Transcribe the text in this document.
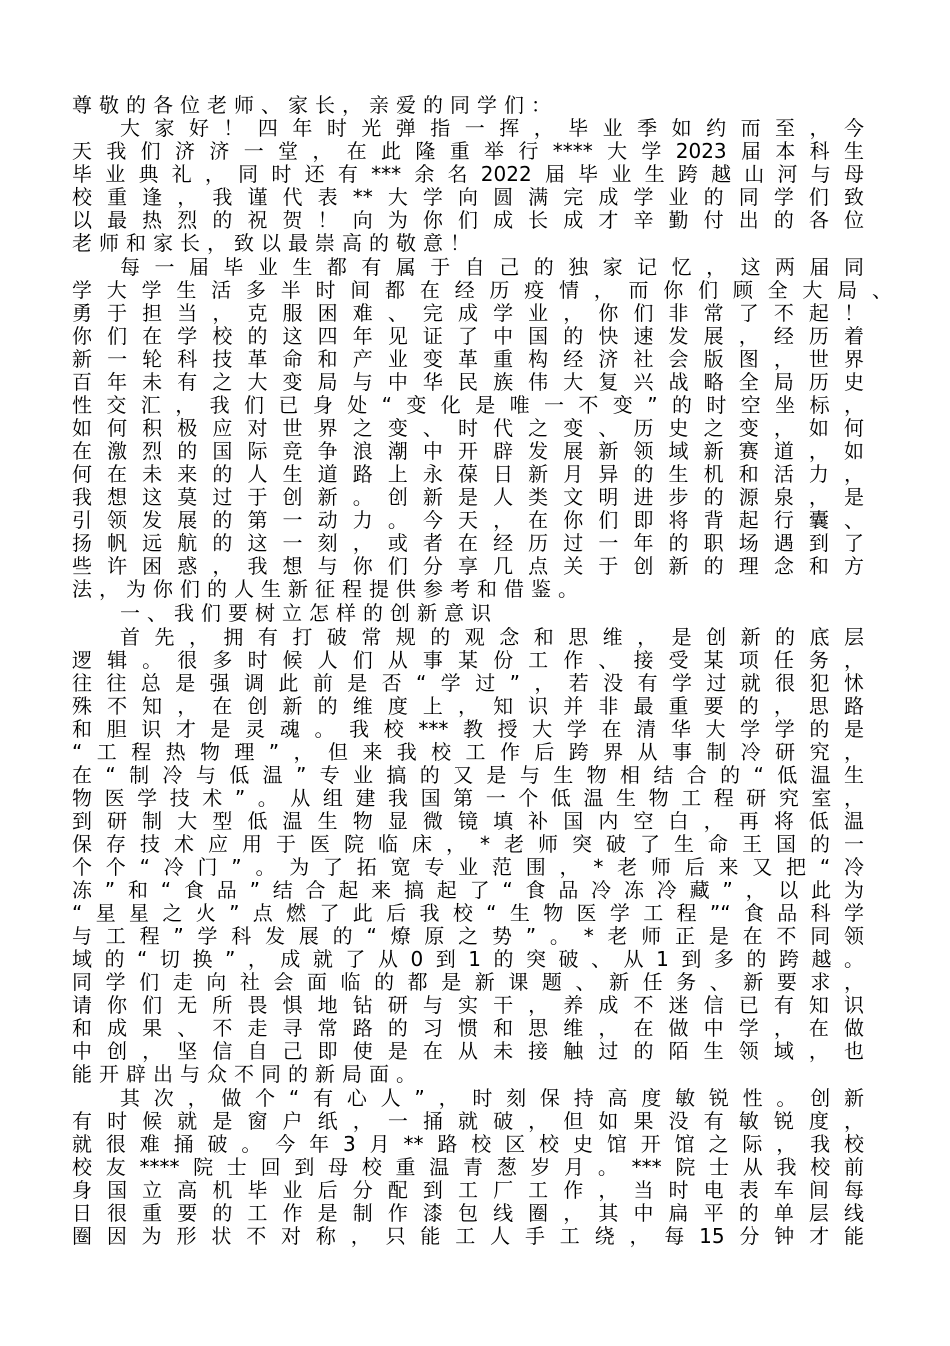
尊敬的各位老师、家长，亲爱的同学们：
大家好！四年时光弹指一挥，毕业季如约而至，今
天我们济济一堂，在此隆重举行****大学2023届本科生
毕业典礼，同时还有***余名2022届毕业生跨越山河与母
校重逢，我谨代表**大学向圆满完成学业的同学们致
以最热烈的祝贺！向为你们成长成才辛勤付出的各位
老师和家长，致以最崇高的敬意！
每一届毕业生都有属于自己的独家记忆，这两届同
学大学生活多半时间都在经历疫情，而你们顾全大局、
勇于担当，克服困难、完成学业，你们非常了不起！
你们在学校的这四年见证了中国的快速发展，经历着
新一轮科技革命和产业变革重构经济社会版图，世界
百年未有之大变局与中华民族伟大复兴战略全局历史
性交汇，我们已身处“变化是唯一不变”的时空坐标，
如何积极应对世界之变、时代之变、历史之变，如何
在激烈的国际竞争浪潮中开辟发展新领域新赛道，如
何在未来的人生道路上永葆日新月异的生机和活力，
我想这莫过于创新。创新是人类文明进步的源泉，是
引领发展的第一动力。今天，在你们即将背起行囊、
扬帆远航的这一刻，或者在经历过一年的职场遇到了
些许困惑，我想与你们分享几点关于创新的理念和方
法，为你们的人生新征程提供参考和借鉴。
一、我们要树立怎样的创新意识
首先，拥有打破常规的观念和思维，是创新的底层
逻辑。很多时候人们从事某份工作、接受某项任务，
往往总是强调此前是否“学过”，若没有学过就很犯怵
殊不知，在创新的维度上，知识并非最重要的，思路
和胆识才是灵魂。我校***教授大学在清华大学学的是
“工程热物理”，但来我校工作后跨界从事制冷研究，
在“制冷与低温”专业搞的又是与生物相结合的“低温生
物医学技术”。从组建我国第一个低温生物工程研究室，
到研制大型低温生物显微镜填补国内空白，再将低温
保存技术应用于医院临床，*老师突破了生命王国的一
个个“冷门”。为了拓宽专业范围，*老师后来又把“冷
冻”和“食品”结合起来搞起了“食品冷冻冷藏”，以此为
“星星之火”点燃了此后我校“生物医学工程”“食品科学
与工程”学科发展的“燎原之势”。*老师正是在不同领
域的“切换”，成就了从0到1的突破、从1到多的跨越。
同学们走向社会面临的都是新课题、新任务、新要求，
请你们无所畏惧地钻研与实干，养成不迷信已有知识
和成果、不走寻常路的习惯和思维，在做中学，在做
中创，坚信自己即使是在从未接触过的陌生领域，也
能开辟出与众不同的新局面。
其次，做个“有心人”，时刻保持高度敏锐性。创新
有时候就是窗户纸，一捅就破，但如果没有敏锐度，
就很难捅破。今年3月**路校区校史馆开馆之际，我校
校友****院士回到母校重温青葱岁月。***院士从我校前
身国立高机毕业后分配到工厂工作，当时电表车间每
日很重要的工作是制作漆包线圈，其中扁平的单层线
圈因为形状不对称，只能工人手工绕，每15分钟才能
